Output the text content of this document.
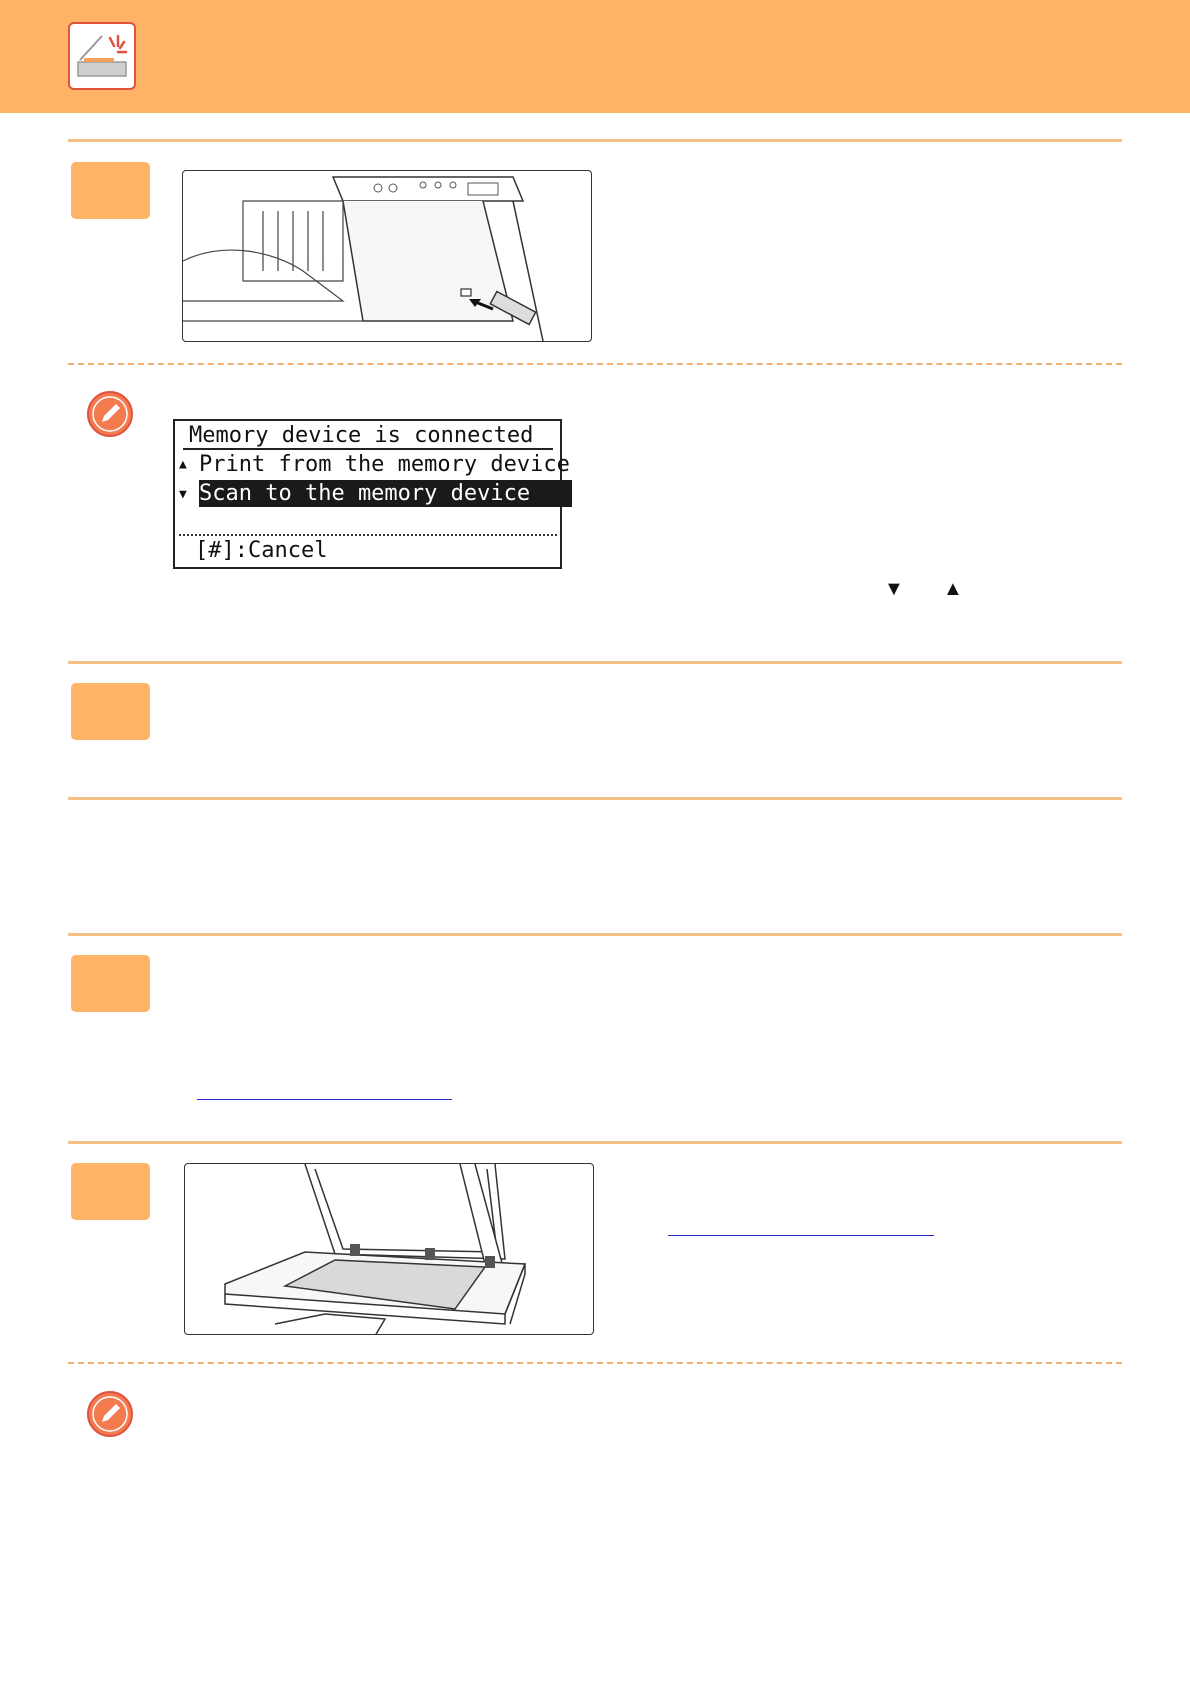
Memory device is connected
▲ Print from the memory device
▼ Scan to the memory device
[#]:Cancel
▼ ▲
